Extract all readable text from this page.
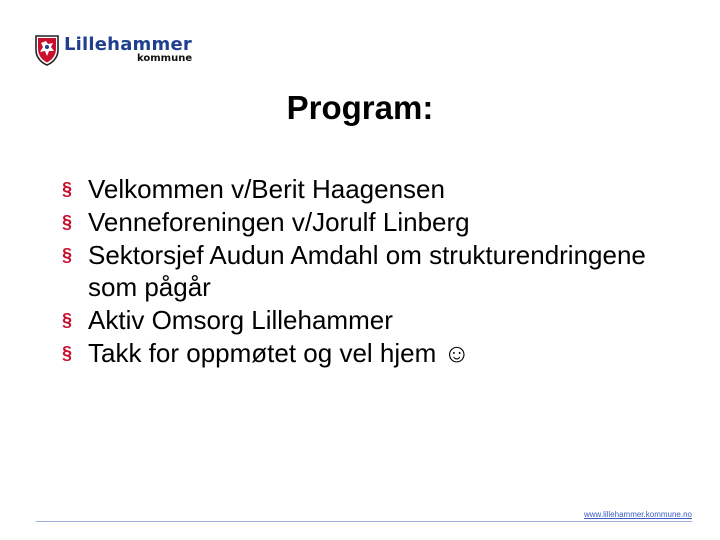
Lillehammer
kommune
Program:
§ Velkommen v/Berit Haagensen
§ Venneforeningen v/Jorulf Linberg
§ Sektorsjef Audun Amdahl om strukturendringene som pågår
§ Aktiv Omsorg Lillehammer
§ Takk for oppmøtet og vel hjem ☺
www.lillehammer.kommune.no
